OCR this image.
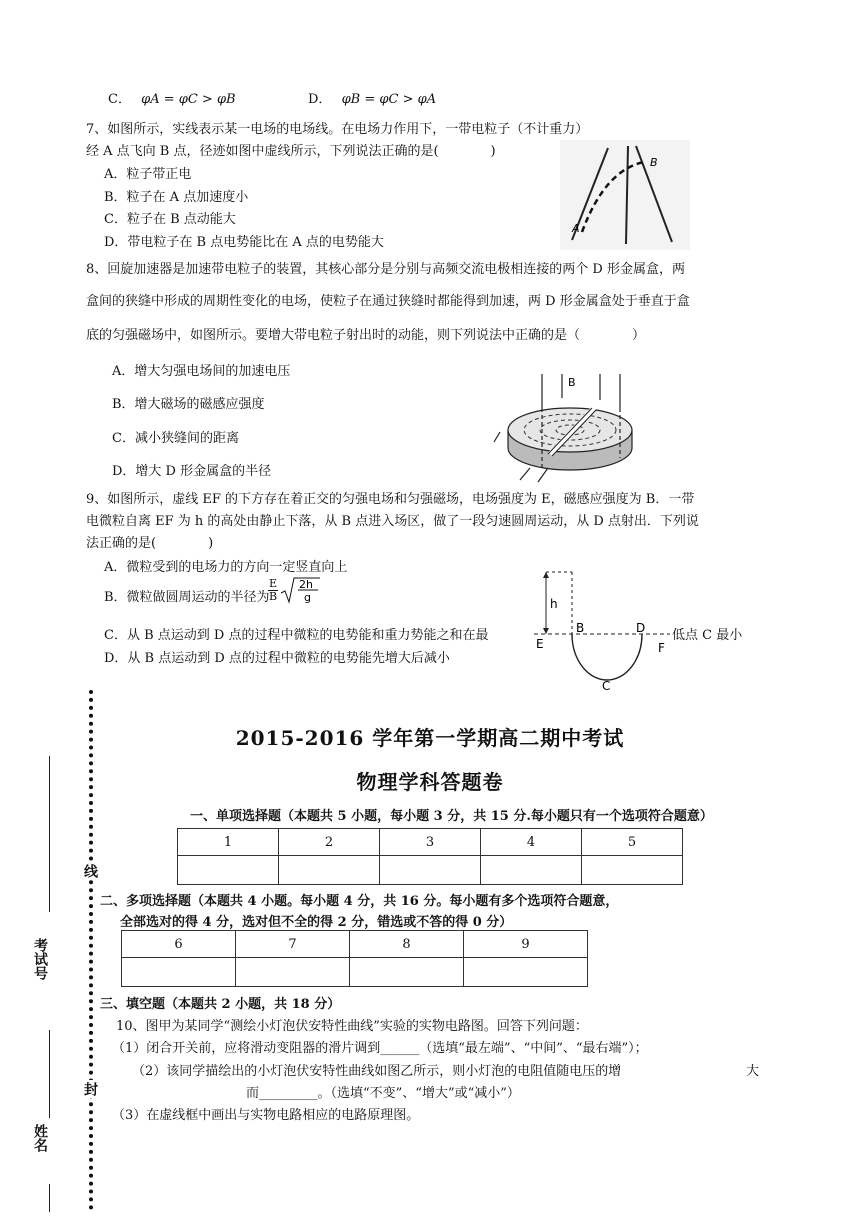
C． φA = φC > φB	D． φB = φC > φA
7、如图所示，实线表示某一电场的电场线。在电场力作用下，一带电粒子（不计重力）
经 A 点飞向 B 点，径迹如图中虚线所示，下列说法正确的是(　　　　)
A．粒子带正电
B．粒子在 A 点加速度小
C．粒子在 B 点动能大
D．带电粒子在 B 点电势能比在 A 点的电势能大
A
B
8、回旋加速器是加速带电粒子的装置，其核心部分是分别与高频交流电极相连接的两个 D 形金属盒，两
盒间的狭缝中形成的周期性变化的电场，使粒子在通过狭缝时都能得到加速，两 D 形金属盒处于垂直于盒
底的匀强磁场中，如图所示。要增大带电粒子射出时的动能，则下列说法中正确的是（　　　　）
A．增大匀强电场间的加速电压
B．增大磁场的磁感应强度
C．减小狭缝间的距离
D．增大 D 形金属盒的半径
B
9、如图所示，虚线 EF 的下方存在着正交的匀强电场和匀强磁场，电场强度为 E，磁感应强度为 B．一带
电微粒自离 EF 为 h 的高处由静止下落，从 B 点进入场区，做了一段匀速圆周运动，从 D 点射出．下列说
法正确的是(　　　　)
A．微粒受到的电场力的方向一定竖直向上
B．微粒做圆周运动的半径为
E
B
2h
g
C．从 B 点运动到 D 点的过程中微粒的电势能和重力势能之和在最	低点 C 最小
D．从 B 点运动到 D 点的过程中微粒的电势能先增大后减小
h
E
B	D
F
C
线
封
考试号
姓名
2015-2016 学年第一学期高二期中考试
物理学科答题卷
一、单项选择题（本题共 5 小题，每小题 3 分，共 15 分.每小题只有一个选项符合题意）
1	2	3	4	5

二、多项选择题（本题共 4 小题。每小题 4 分，共 16 分。每小题有多个选项符合题意，
全部选对的得 4 分，选对但不全的得 2 分，错选或不答的得 0 分）
6	7	8	9

三、填空题（本题共 2 小题，共 18 分）
10、图甲为某同学“测绘小灯泡伏安特性曲线”实验的实物电路图。回答下列问题：
（1）闭合开关前，应将滑动变阻器的滑片调到______（选填“最左端”、“中间”、“最右端”）；
（2）该同学描绘出的小灯泡伏安特性曲线如图乙所示，则小灯泡的电阻值随电压的增	大
而_________。（选填“不变”、“增大”或“减小”）
（3）在虚线框中画出与实物电路相应的电路原理图。
